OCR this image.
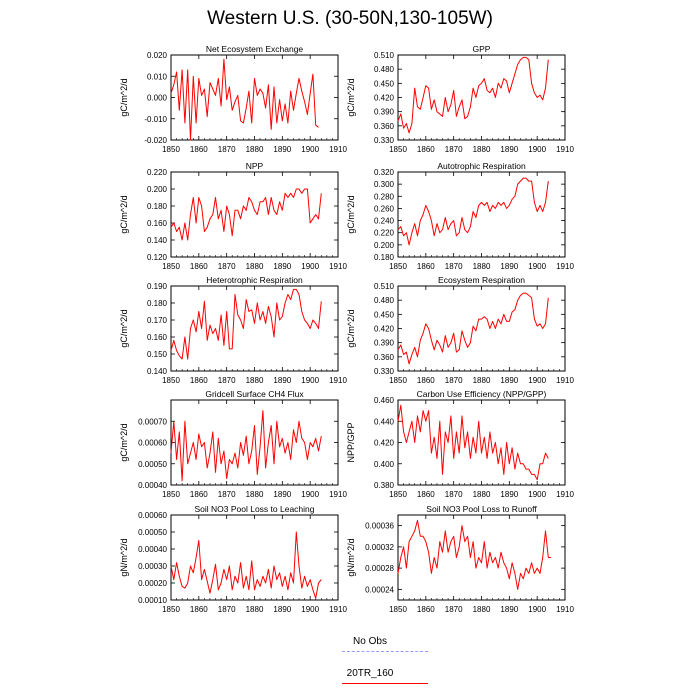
Western U.S. (30-50N,130-105W)
Net Ecosystem Exchange
gC/m^2/d
1850 1860 1870 1880 1890 1900 1910
-0.020
-0.010
0.000
0.010
0.020
GPP
gC/m^2/d
1850 1860 1870 1880 1890 1900 1910
0.330
0.360
0.390
0.420
0.450
0.480
0.510
NPP
gC/m^2/d
1850 1860 1870 1880 1890 1900 1910
0.120
0.140
0.160
0.180
0.200
0.220
Autotrophic Respiration
gC/m^2/d
1850 1860 1870 1880 1890 1900 1910
0.180
0.200
0.220
0.240
0.260
0.280
0.300
0.320
Heterotrophic Respiration
gC/m^2/d
1850 1860 1870 1880 1890 1900 1910
0.140
0.150
0.160
0.170
0.180
0.190
Ecosystem Respiration
gC/m^2/d
1850 1860 1870 1880 1890 1900 1910
0.330
0.360
0.390
0.420
0.450
0.480
0.510
Gridcell Surface CH4 Flux
gC/m^2/d
1850 1860 1870 1880 1890 1900 1910
0.00040
0.00050
0.00060
0.00070
Carbon Use Efficiency (NPP/GPP)
NPP/GPP
1850 1860 1870 1880 1890 1900 1910
0.380
0.400
0.420
0.440
0.460
Soil NO3 Pool Loss to Leaching
gN/m^2/d
1850 1860 1870 1880 1890 1900 1910
0.00010
0.00020
0.00030
0.00040
0.00050
0.00060
Soil NO3 Pool Loss to Runoff
gN/m^2/d
1850 1860 1870 1880 1890 1900 1910
0.00024
0.00028
0.00032
0.00036
No Obs
20TR_160
